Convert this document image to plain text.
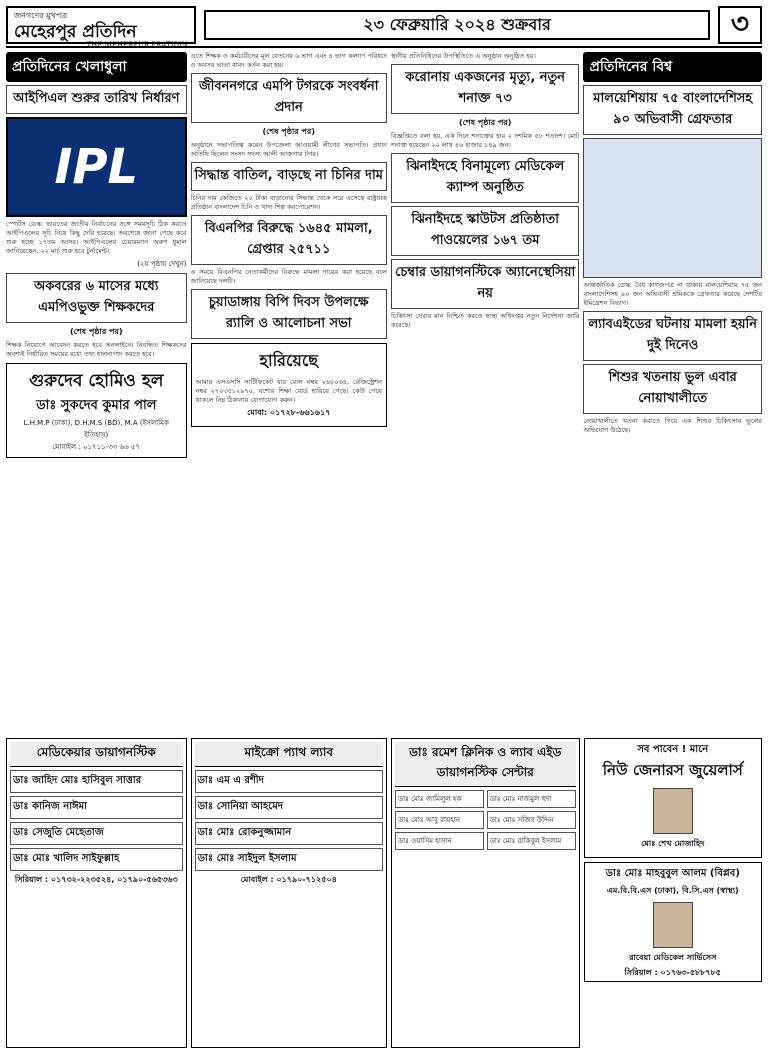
জনগণের মুখপত্র
মেহেরপুর প্রতিদিন
THE MEHERPUR PRATIDIN
২৩ ফেব্রুয়ারি ২০২৪ শুক্রবার	৩
প্রতিদিনের খেলাধুলা
আইপিএল শুরুর তারিখ নির্ধারণ
IPL
স্পোর্টস ডেস্ক: ভারতের জাতীয় নির্বাচনের সঙ্গে সময়সূচি ঠিক করতে আইপিএলের সূচি নিয়ে কিছু দেরি হয়েছে। অবশেষে জানা গেছে কবে শুরু হচ্ছে ১৭তম আসর। আইপিএলের চেয়ারম্যান অরুণ ধুমাল জানিয়েছেন, ২২ মার্চ শুরু হবে টুর্নামেন্ট।
(২য় পৃষ্ঠায় দেখুন)
অকবরের ৬ মাসের মধ্যে এমপিওভুক্ত শিক্ষকদের
(শেষ পৃষ্ঠার পর)
শিক্ষক নিয়োগে আবেদন করতে হবে অনলাইনে। নিবন্ধিত শিক্ষকদের অবশ্যই নির্ধারিত সময়ের মধ্যে তথ্য হালনাগাদ করতে হবে।
গুরুদেব হোমিও হল
ডাঃ সুকদেব কুমার পাল
L.H.M.P (ঢাকা), D.H.M.S (BD), M.A (ইসলামিক ইতিহাস)
মোবাইল : ০১৭১১-৩৩ ৬৬ ৫৭
এতে শিক্ষক ও কর্মচারীদের মূল বেতনের ৬ ভাগ এবং ৪ ভাগ কল্যাণ পরিষদে ও অবসর ভাতা বাবদ কর্তন করা হয়।
জীবননগরে এমপি টগরকে সংবর্ধনা প্রদান
(শেষ পৃষ্ঠার পর)
অনুষ্ঠানে সভাপতিত্ব করেন উপজেলা আওয়ামী লীগের সভাপতি। প্রধান অতিথি ছিলেন সংসদ সদস্য আলী আজগার টগর।
সিদ্ধান্ত বাতিল, বাড়ছে না চিনির দাম
চিনির দাম কেজিতে ২০ টাকা বাড়ানোর সিদ্ধান্ত থেকে সরে এসেছে রাষ্ট্রায়ত্ত প্রতিষ্ঠান বাংলাদেশ চিনি ও খাদ্য শিল্প করপোরেশন।
বিএনপির বিরুদ্ধে ১৬৪৫ মামলা, গ্রেপ্তার ২৫৭১১
এ সময়ে বিএনপির নেতাকর্মীদের বিরুদ্ধে মামলা দায়ের করা হয়েছে বলে জানিয়েছে দলটি।
চুয়াডাঙ্গায় বিপি দিবস উপলক্ষে র‌্যালি ও আলোচনা সভা
হারিয়েছে
আমার এসএসসি সার্টিফিকেট যার রোল নম্বর ২৬৮০৬৪, রেজিস্ট্রেশন নম্বর ২৭০৩৫১২৯৭০, যশোর শিক্ষা বোর্ড হারিয়ে গেছে। কেউ পেয়ে থাকলে নিম্ন ঠিকানায় যোগাযোগ করুন।
মোবা: ০১৭২৮-৬৬১৬১৭
স্থানীয় প্রতিনিধিদের উপস্থিতিতে এ অনুষ্ঠান অনুষ্ঠিত হয়।
করোনায় একজনের মৃত্যু, নতুন শনাক্ত ৭৩
(শেষ পৃষ্ঠার পর)
বিজ্ঞপ্তিতে বলা হয়, এক দিনে শনাক্তের হার ২ দশমিক ৫৮ শতাংশ। মোট শনাক্ত হয়েছেন ২০ লাখ ৪৬ হাজার ১৪৯ জন।
ঝিনাইদহে বিনামূল্যে মেডিকেল ক্যাম্প অনুষ্ঠিত
ঝিনাইদহে স্কাউটস প্রতিষ্ঠাতা পাওয়েলের ১৬৭ তম
চেম্বার ডায়াগনস্টিকে অ্যানেস্থেসিয়া নয়
চিকিৎসা সেবার মান নিশ্চিত করতে স্বাস্থ্য অধিদপ্তর নতুন নির্দেশনা জারি করেছে।
প্রতিদিনের বিশ্ব
মালয়েশিয়ায় ৭৫ বাংলাদেশিসহ ৯০ অভিবাসী গ্রেফতার
আন্তর্জাতিক ডেস্ক: বৈধ কাগজপত্র না থাকায় মালয়েশিয়ায় ৭৫ জন বাংলাদেশিসহ ৯০ জন অভিবাসী শ্রমিককে গ্রেফতার করেছে দেশটির ইমিগ্রেশন বিভাগ।
ল্যাবএইডের ঘটনায় মামলা হয়নি দুই দিনেও
শিশুর খতনায় ভুল এবার নোয়াখালীতে
নোয়াখালীতে খতনা করাতে গিয়ে এক শিশুর চিকিৎসায় ভুলের অভিযোগ উঠেছে।
মেডিকেয়ার ডায়াগনস্টিক
ডাঃ জাহিদ মোঃ হাসিবুল সাত্তার
ডাঃ কানিজ নাঈমা
ডাঃ সেজুতি মেহেতাজ
ডাঃ মোঃ খালিদ সাইফুল্লাহ
সিরিয়াল : ০১৭৩২-২২৩৫২৪, ০১৭৯০-৫৬৫৩৬৩
মাইক্রো প্যাথ ল্যাব
ডাঃ এম এ রশীদ
ডাঃ সোনিয়া আহমেদ
ডাঃ মোঃ রোকনুজ্জামান
ডাঃ মোঃ সাইদুল ইসলাম
মোবাইল : ০১৭৯০-৭১২৫০৪
ডাঃ রমেশ ক্লিনিক ও ল্যাব এইড ডায়াগনস্টিক সেন্টার
ডাঃ মোঃ জামিলুল হক	ডাঃ মোঃ নাজমুল হুদা
ডাঃ মোঃ আবু রায়হান	ডাঃ মোঃ সজিব উদ্দিন
ডাঃ ওয়াসিম হাসান	ডাঃ মোঃ রাকিবুল ইসলাম
সব পাবেন ! মানে
নিউ জেনারস জুয়েলার্স
মোঃ শেখ মোজাহিদ
ডাঃ মোঃ মাহবুবুল আলম (বিপ্লব)
এম.বি.বি.এস (ঢাকা), বি.সি.এস (স্বাস্থ্য)
রাবেয়া মেডিকেল সার্ভিসেস
সিরিয়াল : ০১৭৬৩-৫৮৮৭৮৫
